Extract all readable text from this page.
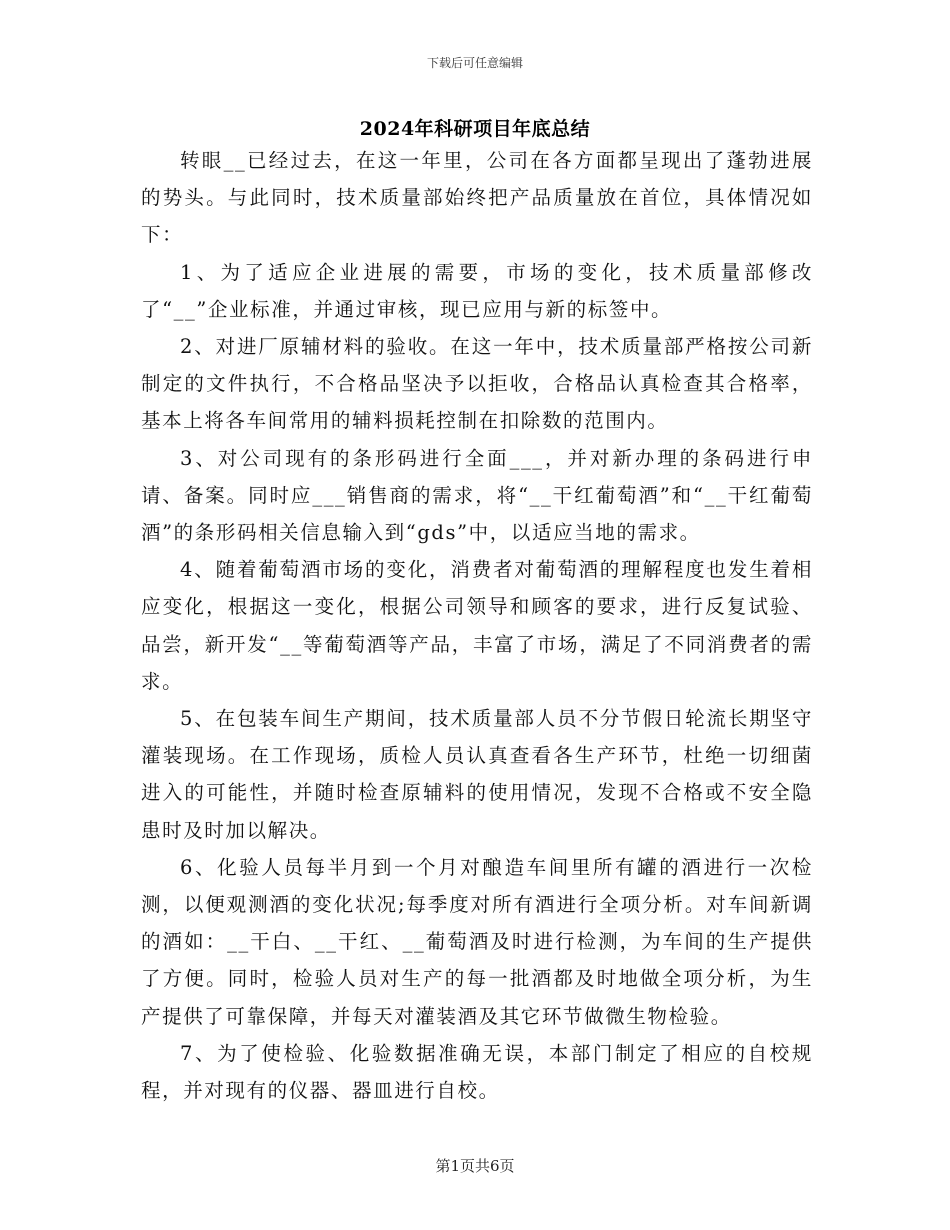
下载后可任意编辑
2024年科研项目年底总结

转眼__已经过去，在这一年里，公司在各方面都呈现出了蓬勃进展的势头。与此同时，技术质量部始终把产品质量放在首位，具体情况如下：

1、为了适应企业进展的需要，市场的变化，技术质量部修改了“__”企业标准，并通过审核，现已应用与新的标签中。

2、对进厂原辅材料的验收。在这一年中，技术质量部严格按公司新制定的文件执行，不合格品坚决予以拒收，合格品认真检查其合格率，基本上将各车间常用的辅料损耗控制在扣除数的范围内。

3、对公司现有的条形码进行全面___，并对新办理的条码进行申请、备案。同时应___销售商的需求，将“__干红葡萄酒”和“__干红葡萄酒”的条形码相关信息输入到“gds”中，以适应当地的需求。

4、随着葡萄酒市场的变化，消费者对葡萄酒的理解程度也发生着相应变化，根据这一变化，根据公司领导和顾客的要求，进行反复试验、品尝，新开发“__等葡萄酒等产品，丰富了市场，满足了不同消费者的需求。

5、在包装车间生产期间，技术质量部人员不分节假日轮流长期坚守灌装现场。在工作现场，质检人员认真查看各生产环节，杜绝一切细菌进入的可能性，并随时检查原辅料的使用情况，发现不合格或不安全隐患时及时加以解决。

6、化验人员每半月到一个月对酿造车间里所有罐的酒进行一次检测，以便观测酒的变化状况;每季度对所有酒进行全项分析。对车间新调的酒如：__干白、__干红、__葡萄酒及时进行检测，为车间的生产提供了方便。同时，检验人员对生产的每一批酒都及时地做全项分析，为生产提供了可靠保障，并每天对灌装酒及其它环节做微生物检验。

7、为了使检验、化验数据准确无误，本部门制定了相应的自校规程，并对现有的仪器、器皿进行自校。

第1页共6页
